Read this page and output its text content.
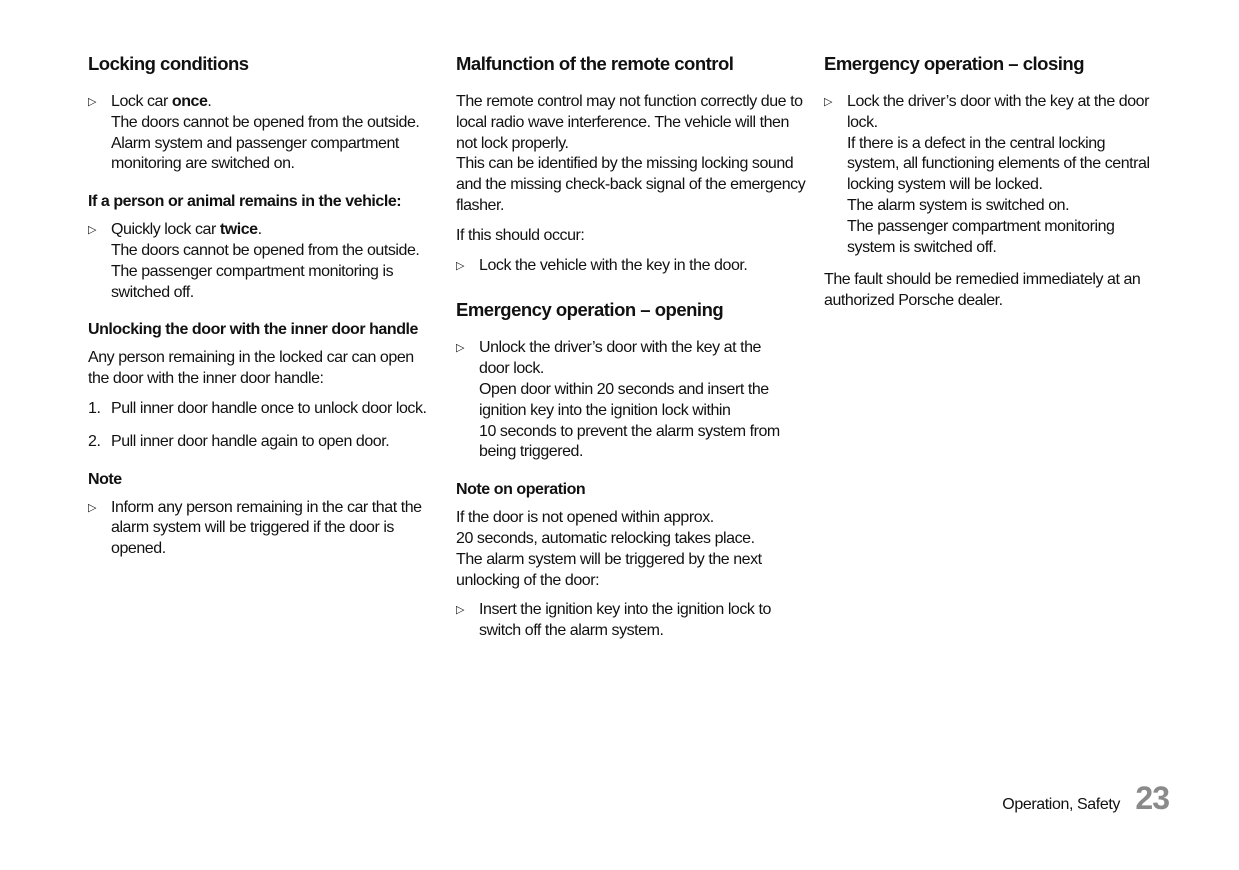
Locking conditions
▷ Lock car once.
The doors cannot be opened from the outside.
Alarm system and passenger compartment
monitoring are switched on.
If a person or animal remains in the vehicle:
▷ Quickly lock car twice.
The doors cannot be opened from the outside.
The passenger compartment monitoring is
switched off.
Unlocking the door with the inner door handle

Any person remaining in the locked car can open the door with the inner door handle:

1. Pull inner door handle once to unlock door lock.
2. Pull inner door handle again to open door.
Note
▷ Inform any person remaining in the car that the alarm system will be triggered if the door is opened.
Malfunction of the remote control

The remote control may not function correctly due to local radio wave interference. The vehicle will then not lock properly.

This can be identified by the missing locking sound and the missing check-back signal of the emergency flasher.

If this should occur:

▷ Lock the vehicle with the key in the door.
Emergency operation – opening
▷ Unlock the driver’s door with the key at the
door lock.
Open door within 20 seconds and insert the
ignition key into the ignition lock within
10 seconds to prevent the alarm system from
being triggered.
Note on operation

If the door is not opened within approx.
20 seconds, automatic relocking takes place.
The alarm system will be triggered by the next
unlocking of the door:

▷ Insert the ignition key into the ignition lock to switch off the alarm system.
Emergency operation – closing
▷ Lock the driver’s door with the key at the door
lock.
If there is a defect in the central locking
system, all functioning elements of the central
locking system will be locked.
The alarm system is switched on.
The passenger compartment monitoring
system is switched off.

The fault should be remedied immediately at an authorized Porsche dealer.

Operation, Safety 23
